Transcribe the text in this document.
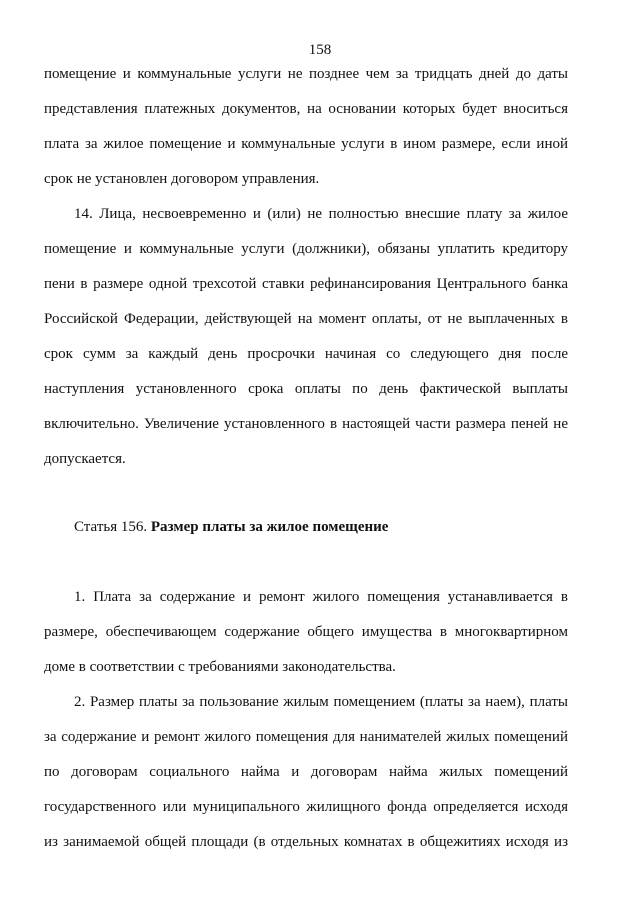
158
помещение и коммунальные услуги не позднее чем за тридцать дней до даты
представления платежных документов, на основании которых будет вноситься
плата за жилое помещение и коммунальные услуги в ином размере, если иной
срок не установлен договором управления.
14. Лица, несвоевременно и (или) не полностью внесшие плату за жилое
помещение и коммунальные услуги (должники), обязаны уплатить кредитору
пени в размере одной трехсотой ставки рефинансирования Центрального банка
Российской Федерации, действующей на момент оплаты, от не выплаченных в
срок сумм за каждый день просрочки начиная со следующего дня после
наступления установленного срока оплаты по день фактической выплаты
включительно. Увеличение установленного в настоящей части размера пеней не
допускается.
Статья 156. Размер платы за жилое помещение
1. Плата за содержание и ремонт жилого помещения устанавливается в
размере, обеспечивающем содержание общего имущества в многоквартирном
доме в соответствии с требованиями законодательства.
2. Размер платы за пользование жилым помещением (платы за наем), платы
за содержание и ремонт жилого помещения для нанимателей жилых помещений
по договорам социального найма и договорам найма жилых помещений
государственного или муниципального жилищного фонда определяется исходя
из занимаемой общей площади (в отдельных комнатах в общежитиях исходя из
